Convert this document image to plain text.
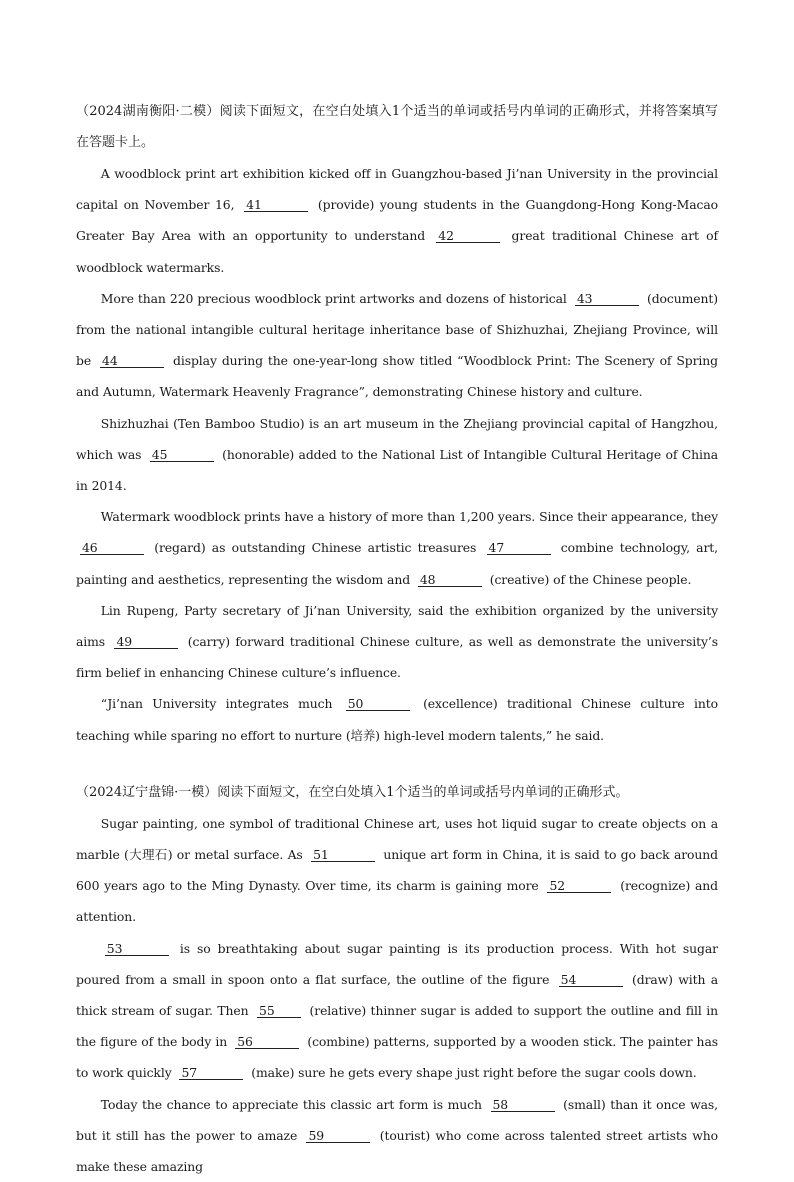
（2024湖南衡阳·二模）阅读下面短文，在空白处填入1个适当的单词或括号内单词的正确形式，并将答案填写在答题卡上。

A woodblock print art exhibition kicked off in Guangzhou-based Ji’nan University in the provincial capital on November 16, 41	(provide) young students in the Guangdong-Hong Kong-Macao Greater Bay Area with an opportunity to understand 42	great traditional Chinese art of woodblock watermarks.

More than 220 precious woodblock print artworks and dozens of historical 43	(document) from the national intangible cultural heritage inheritance base of Shizhuzhai, Zhejiang Province, will be 44	display during the one-year-long show titled “Woodblock Print: The Scenery of Spring and Autumn, Watermark Heavenly Fragrance”, demonstrating Chinese history and culture.

Shizhuzhai (Ten Bamboo Studio) is an art museum in the Zhejiang provincial capital of Hangzhou, which was 45	(honorable) added to the National List of Intangible Cultural Heritage of China in 2014.

Watermark woodblock prints have a history of more than 1,200 years. Since their appearance, they 46	(regard) as outstanding Chinese artistic treasures 47	combine technology, art, painting and aesthetics, representing the wisdom and 48	(creative) of the Chinese people.

Lin Rupeng, Party secretary of Ji’nan University, said the exhibition organized by the university aims 49	(carry) forward traditional Chinese culture, as well as demonstrate the university’s firm belief in enhancing Chinese culture’s influence.

“Ji’nan University integrates much 50	(excellence) traditional Chinese culture into teaching while sparing no effort to nurture (培养) high-level modern talents,” he said.

（2024辽宁盘锦·一模）阅读下面短文，在空白处填入1个适当的单词或括号内单词的正确形式。

Sugar painting, one symbol of traditional Chinese art, uses hot liquid sugar to create objects on a marble (大理石) or metal surface. As 51	unique art form in China, it is said to go back around 600 years ago to the Ming Dynasty. Over time, its charm is gaining more 52	(recognize) and attention.

53	is so breathtaking about sugar painting is its production process. With hot sugar poured from a small in spoon onto a flat surface, the outline of the figure 54	(draw) with a thick stream of sugar. Then 55 (relative) thinner sugar is added to support the outline and fill in the figure of the body in 56	(combine) patterns, supported by a wooden stick. The painter has to work quickly 57	(make) sure he gets every shape just right before the sugar cools down.

Today the chance to appreciate this classic art form is much 58	(small) than it once was, but it still has the power to amaze 59	(tourist) who come across talented street artists who make these amazing
